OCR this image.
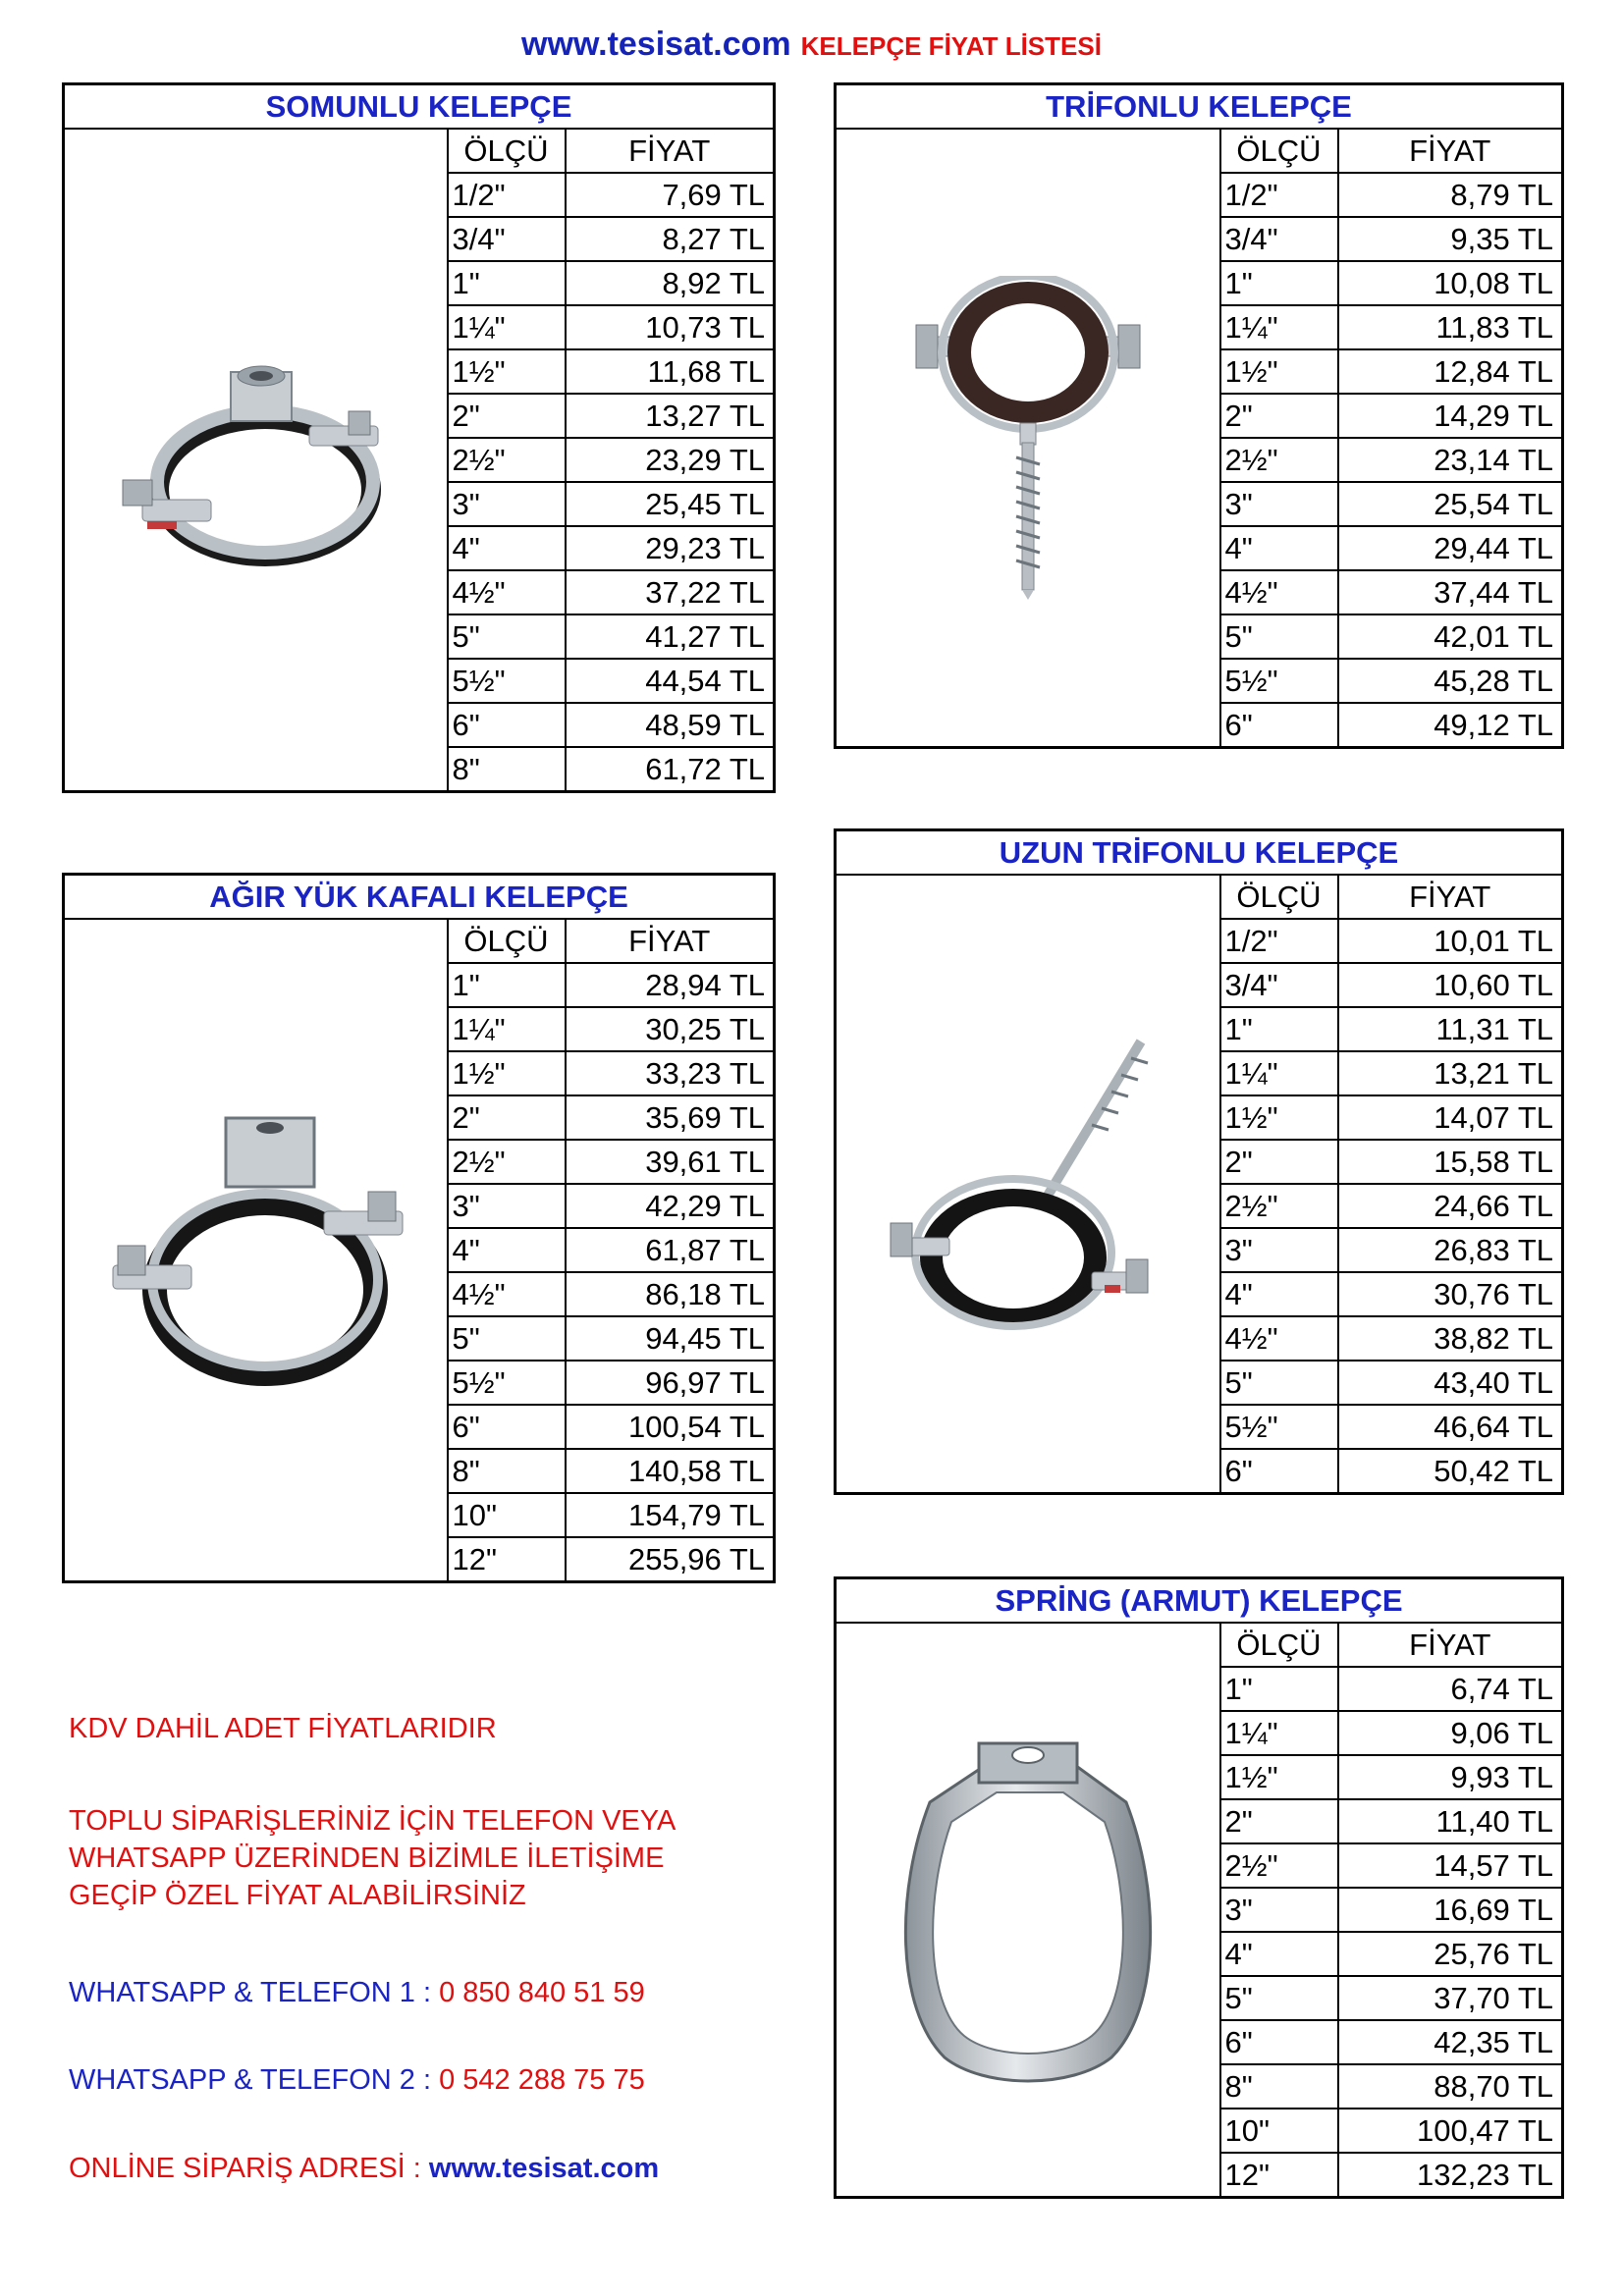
www.tesisat.com KELEPÇE FİYAT LİSTESİ
SOMUNLU KELEPÇE		

	ÖLÇÜ	FİYAT
	1/2"	7,69 TL
	3/4"	8,27 TL
	1"	8,92 TL
	1¼"	10,73 TL
	1½"	11,68 TL
	2"	13,27 TL
	2½"	23,29 TL
	3"	25,45 TL
	4"	29,23 TL
	4½"	37,22 TL
	5"	41,27 TL
	5½"	44,54 TL
	6"	48,59 TL
	8"	61,72 TL
TRİFONLU KELEPÇE		

	ÖLÇÜ	FİYAT
	1/2"	8,79 TL
	3/4"	9,35 TL
	1"	10,08 TL
	1¼"	11,83 TL
	1½"	12,84 TL
	2"	14,29 TL
	2½"	23,14 TL
	3"	25,54 TL
	4"	29,44 TL
	4½"	37,44 TL
	5"	42,01 TL
	5½"	45,28 TL
	6"	49,12 TL
AĞIR YÜK KAFALI KELEPÇE		

	ÖLÇÜ	FİYAT
	1"	28,94 TL
	1¼"	30,25 TL
	1½"	33,23 TL
	2"	35,69 TL
	2½"	39,61 TL
	3"	42,29 TL
	4"	61,87 TL
	4½"	86,18 TL
	5"	94,45 TL
	5½"	96,97 TL
	6"	100,54 TL
	8"	140,58 TL
	10"	154,79 TL
	12"	255,96 TL
UZUN TRİFONLU KELEPÇE		

	ÖLÇÜ	FİYAT
	1/2"	10,01 TL
	3/4"	10,60 TL
	1"	11,31 TL
	1¼"	13,21 TL
	1½"	14,07 TL
	2"	15,58 TL
	2½"	24,66 TL
	3"	26,83 TL
	4"	30,76 TL
	4½"	38,82 TL
	5"	43,40 TL
	5½"	46,64 TL
	6"	50,42 TL
SPRİNG (ARMUT) KELEPÇE		

	ÖLÇÜ	FİYAT
	1"	6,74 TL
	1¼"	9,06 TL
	1½"	9,93 TL
	2"	11,40 TL
	2½"	14,57 TL
	3"	16,69 TL
	4"	25,76 TL
	5"	37,70 TL
	6"	42,35 TL
	8"	88,70 TL
	10"	100,47 TL
	12"	132,23 TL
KDV DAHİL ADET FİYATLARIDIR
TOPLU SİPARİŞLERİNİZ İÇİN TELEFON VEYA
WHATSAPP ÜZERİNDEN BİZİMLE İLETİŞİME
GEÇİP ÖZEL FİYAT ALABİLİRSİNİZ
WHATSAPP & TELEFON 1 : 0 850 840 51 59
WHATSAPP & TELEFON 2 : 0 542 288 75 75
ONLİNE SİPARİŞ ADRESİ : www.tesisat.com
